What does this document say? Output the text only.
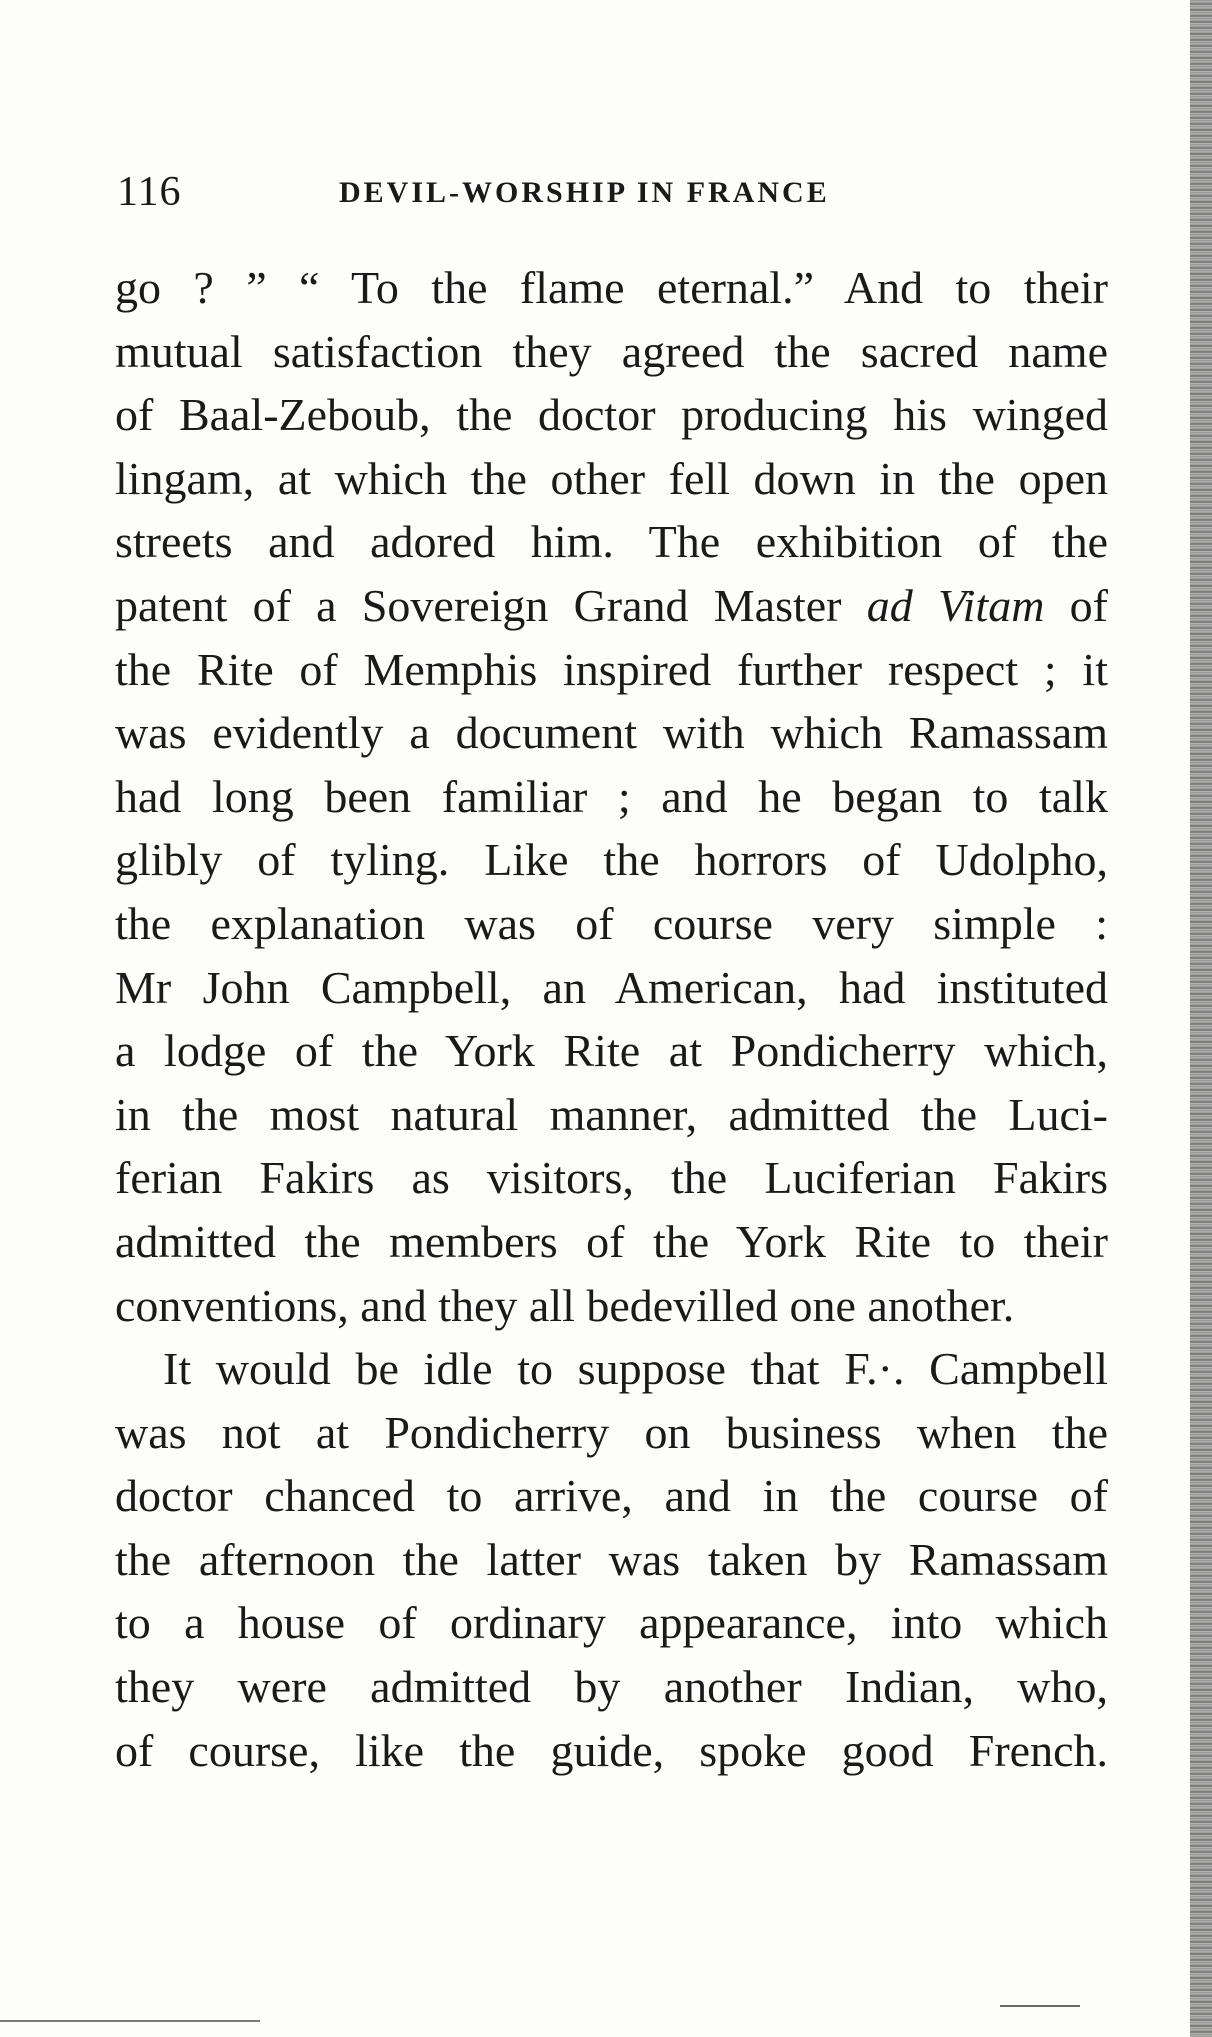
116	DEVIL-WORSHIP IN FRANCE
go ? ” “ To the flame eternal.” And to their
mutual satisfaction they agreed the sacred name
of Baal-Zeboub, the doctor producing his winged
lingam, at which the other fell down in the open
streets and adored him. The exhibition of the
patent of a Sovereign Grand Master ad Vitam of
the Rite of Memphis inspired further respect ; it
was evidently a document with which Ramassam
had long been familiar ; and he began to talk
glibly of tyling. Like the horrors of Udolpho,
the explanation was of course very simple :
Mr John Campbell, an American, had instituted
a lodge of the York Rite at Pondicherry which,
in the most natural manner, admitted the Luci-
ferian Fakirs as visitors, the Luciferian Fakirs
admitted the members of the York Rite to their
conventions, and they all bedevilled one another.
It would be idle to suppose that F.·. Campbell
was not at Pondicherry on business when the
doctor chanced to arrive, and in the course of
the afternoon the latter was taken by Ramassam
to a house of ordinary appearance, into which
they were admitted by another Indian, who,
of course, like the guide, spoke good French.
